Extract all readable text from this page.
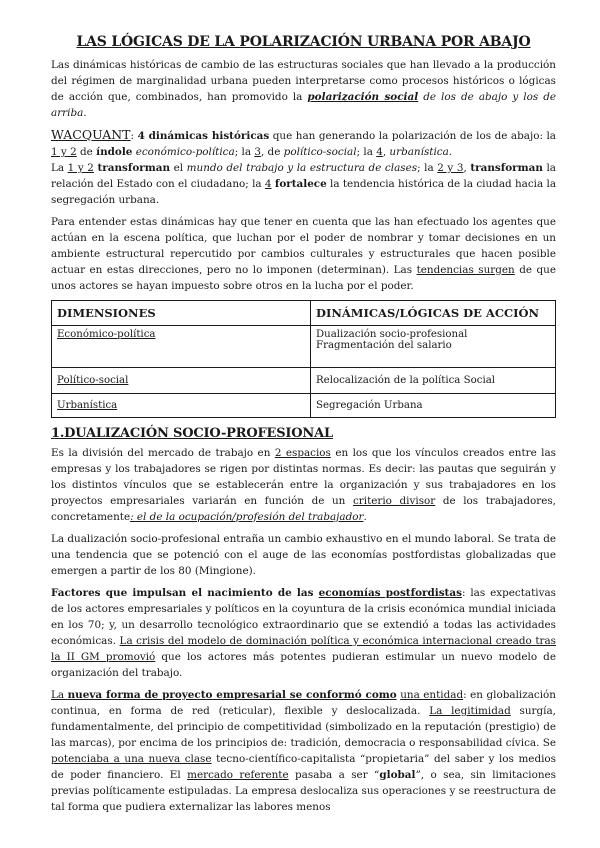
LAS LÓGICAS DE LA POLARIZACIÓN URBANA POR ABAJO

Las dinámicas históricas de cambio de las estructuras sociales que han llevado a la producción del régimen de marginalidad urbana pueden interpretarse como procesos históricos o lógicas de acción que, combinados, han promovido la polarización social de los de abajo y los de arriba.

WACQUANT: 4 dinámicas históricas que han generando la polarización de los de abajo: la 1 y 2 de índole económico-política; la 3, de político-social; la 4, urbanística.

La 1 y 2 transforman el mundo del trabajo y la estructura de clases; la 2 y 3, transforman la relación del Estado con el ciudadano; la 4 fortalece la tendencia histórica de la ciudad hacia la segregación urbana.

Para entender estas dinámicas hay que tener en cuenta que las han efectuado los agentes que actúan en la escena política, que luchan por el poder de nombrar y tomar decisiones en un ambiente estructural repercutido por cambios culturales y estructurales que hacen posible actuar en estas direcciones, pero no lo imponen (determinan). Las tendencias surgen de que unos actores se hayan impuesto sobre otros en la lucha por el poder.

DIMENSIONES	DINÁMICAS/LÓGICAS DE ACCIÓN
Económico-política	Dualización socio-profesional
Fragmentación del salario

Político-social	Relocalización de la política Social

Urbanística	Segregación Urbana
1.DUALIZACIÓN SOCIO-PROFESIONAL

Es la división del mercado de trabajo en 2 espacios en los que los vínculos creados entre las empresas y los trabajadores se rigen por distintas normas. Es decir: las pautas que seguirán y los distintos vínculos que se establecerán entre la organización y sus trabajadores en los proyectos empresariales variarán en función de un criterio divisor de los trabajadores, concretamente: el de la ocupación/profesión del trabajador.

La dualización socio-profesional entraña un cambio exhaustivo en el mundo laboral. Se trata de una tendencia que se potenció con el auge de las economías postfordistas globalizadas que emergen a partir de los 80 (Mingione).

Factores que impulsan el nacimiento de las economías postfordistas: las expectativas de los actores empresariales y políticos en la coyuntura de la crisis económica mundial iniciada en los 70; y, un desarrollo tecnológico extraordinario que se extendió a todas las actividades económicas. La crisis del modelo de dominación política y económica internacional creado tras la II GM promovió que los actores más potentes pudieran estimular un nuevo modelo de organización del trabajo.

La nueva forma de proyecto empresarial se conformó como una entidad: en globalización continua, en forma de red (reticular), flexible y deslocalizada. La legitimidad surgía, fundamentalmente, del principio de competitividad (simbolizado en la reputación (prestigio) de las marcas), por encima de los principios de: tradición, democracia o responsabilidad cívica. Se potenciaba a una nueva clase tecno-científico-capitalista “propietaria” del saber y los medios de poder financiero. El mercado referente pasaba a ser “global”, o sea, sin limitaciones previas políticamente estipuladas. La empresa deslocaliza sus operaciones y se reestructura de tal forma que pudiera externalizar las labores menos
